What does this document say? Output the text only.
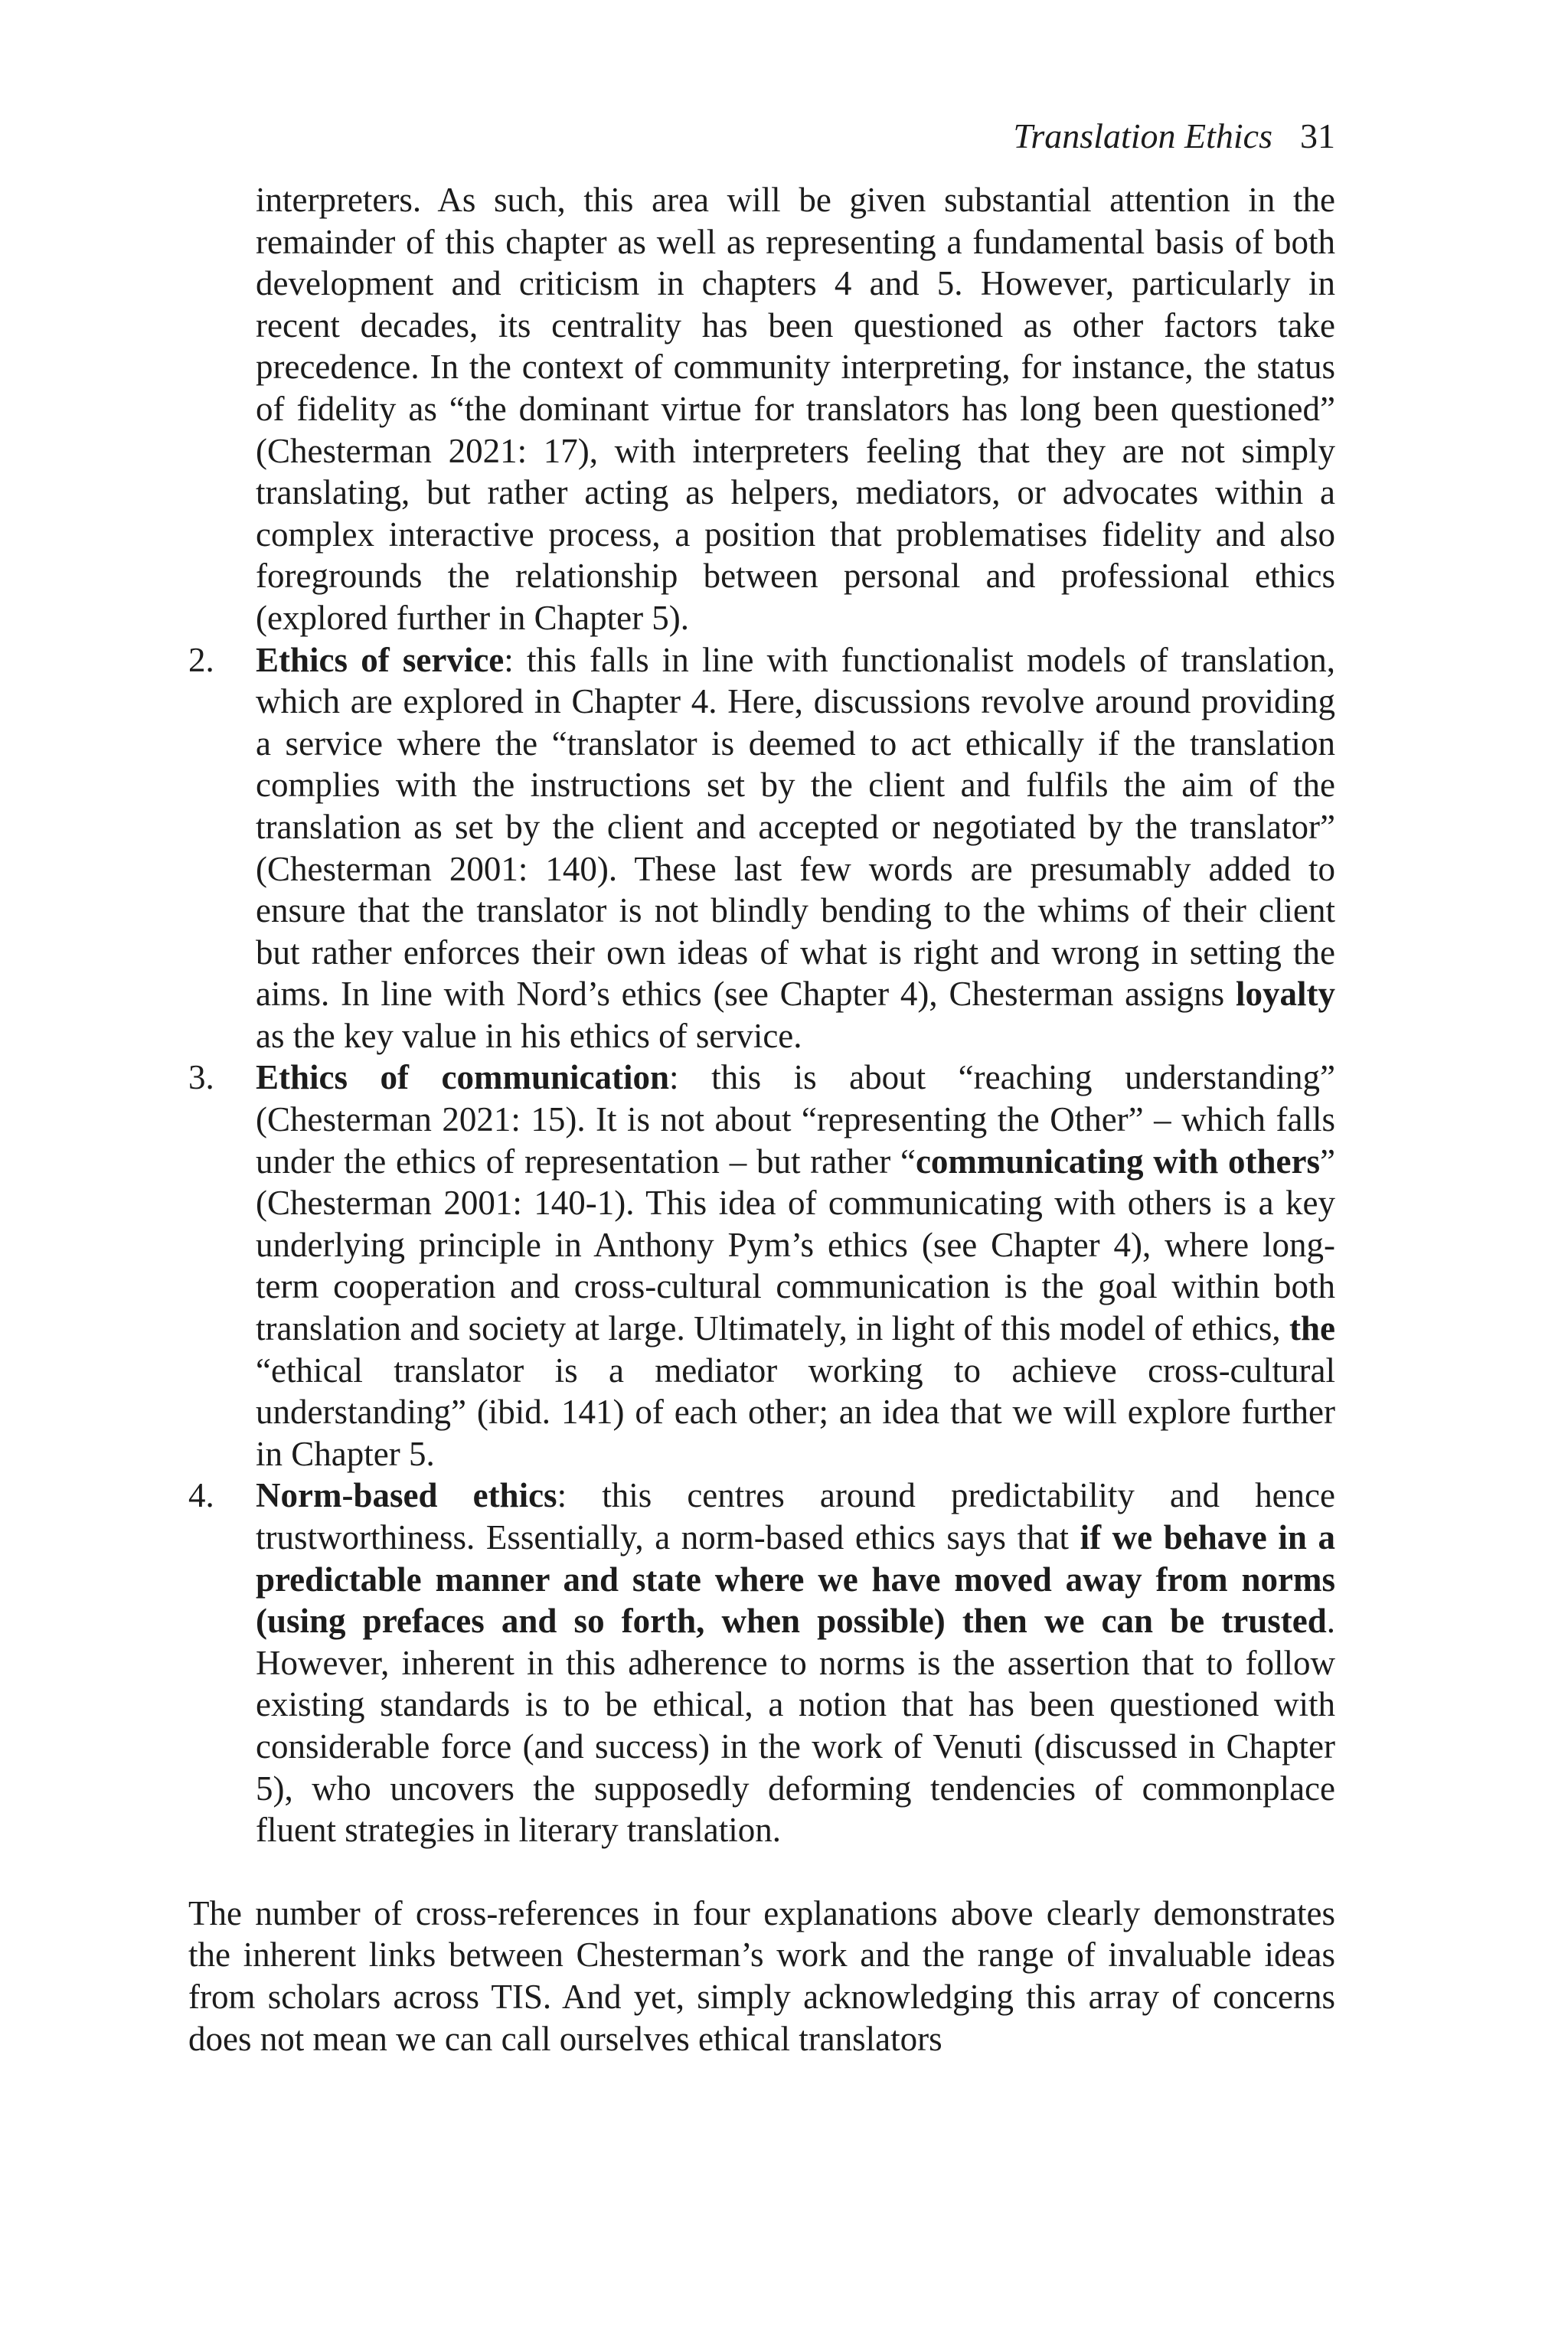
Translation Ethics 31

interpreters. As such, this area will be given substantial attention in the remainder of this chapter as well as representing a fundamental basis of both development and criticism in chapters 4 and 5. However, particularly in recent decades, its centrality has been questioned as other factors take precedence. In the context of community interpreting, for instance, the status of fidelity as “the dominant virtue for translators has long been questioned” (Chesterman 2021: 17), with interpreters feeling that they are not simply translating, but rather acting as helpers, mediators, or advocates within a complex interactive process, a position that problematises fidelity and also foregrounds the relationship between personal and professional ethics (explored further in Chapter 5).

2. Ethics of service: this falls in line with functionalist models of translation, which are explored in Chapter 4. Here, discussions revolve around providing a service where the “translator is deemed to act ethically if the translation complies with the instructions set by the client and fulfils the aim of the translation as set by the client and accepted or negotiated by the translator” (Chesterman 2001: 140). These last few words are presumably added to ensure that the translator is not blindly bending to the whims of their client but rather enforces their own ideas of what is right and wrong in setting the aims. In line with Nord’s ethics (see Chapter 4), Chesterman assigns loyalty as the key value in his ethics of service.

3. Ethics of communication: this is about “reaching understanding” (Chesterman 2021: 15). It is not about “representing the Other” – which falls under the ethics of representation – but rather “communicating with others” (Chesterman 2001: 140-1). This idea of communicating with others is a key underlying principle in Anthony Pym’s ethics (see Chapter 4), where long-term cooperation and cross-cultural communication is the goal within both translation and society at large. Ultimately, in light of this model of ethics, the “ethical translator is a mediator working to achieve cross-cultural understanding” (ibid. 141) of each other; an idea that we will explore further in Chapter 5.

4. Norm-based ethics: this centres around predictability and hence trustworthiness. Essentially, a norm-based ethics says that if we behave in a predictable manner and state where we have moved away from norms (using prefaces and so forth, when possible) then we can be trusted. However, inherent in this adherence to norms is the assertion that to follow existing standards is to be ethical, a notion that has been questioned with considerable force (and success) in the work of Venuti (discussed in Chapter 5), who uncovers the supposedly deforming tendencies of commonplace fluent strategies in literary translation.

The number of cross-references in four explanations above clearly demonstrates the inherent links between Chesterman’s work and the range of invaluable ideas from scholars across TIS. And yet, simply acknowledging this array of concerns does not mean we can call ourselves ethical translators
